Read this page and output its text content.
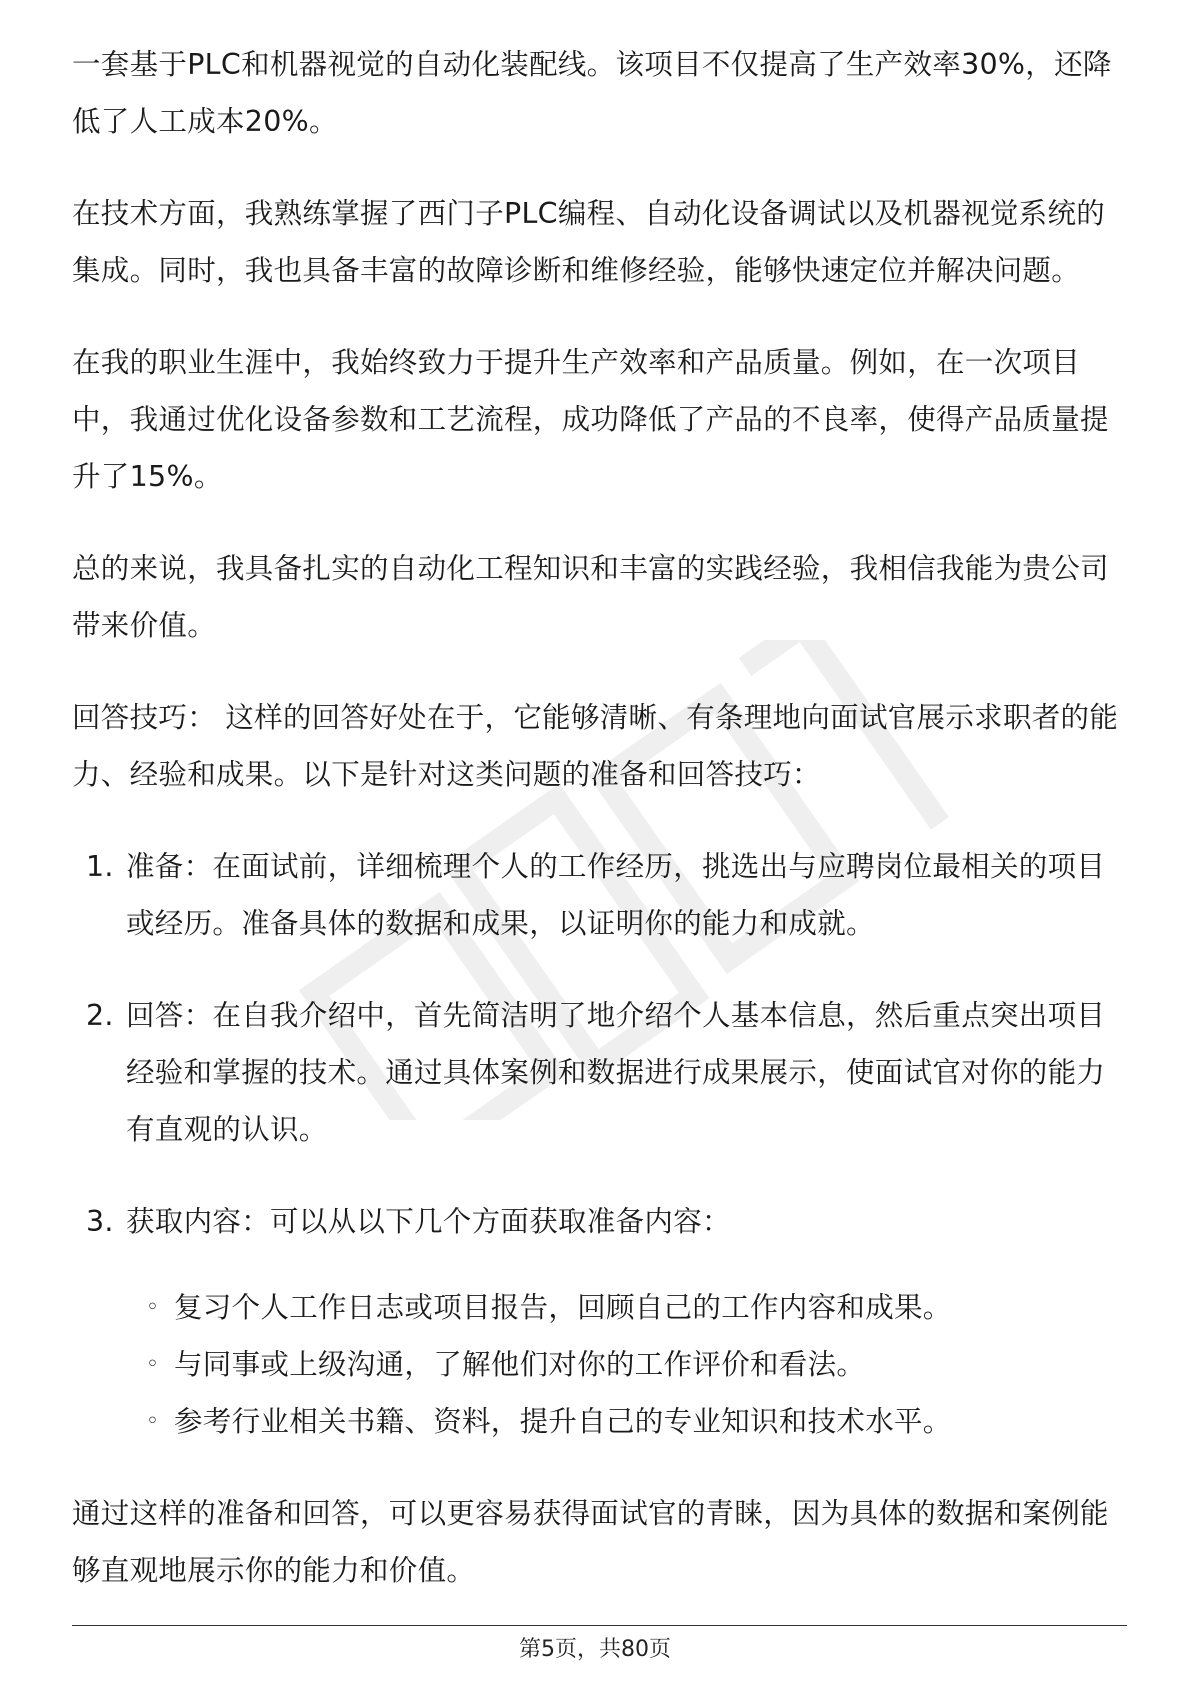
一套基于PLC和机器视觉的自动化装配线。该项目不仅提高了生产效率30%，还降低了人工成本20%。

在技术方面，我熟练掌握了西门子PLC编程、自动化设备调试以及机器视觉系统的集成。同时，我也具备丰富的故障诊断和维修经验，能够快速定位并解决问题。

在我的职业生涯中，我始终致力于提升生产效率和产品质量。例如，在一次项目中，我通过优化设备参数和工艺流程，成功降低了产品的不良率，使得产品质量提升了15%。

总的来说，我具备扎实的自动化工程知识和丰富的实践经验，我相信我能为贵公司带来价值。

回答技巧： 这样的回答好处在于，它能够清晰、有条理地向面试官展示求职者的能力、经验和成果。以下是针对这类问题的准备和回答技巧：

1. 准备：在面试前，详细梳理个人的工作经历，挑选出与应聘岗位最相关的项目或经历。准备具体的数据和成果，以证明你的能力和成就。
2. 回答：在自我介绍中，首先简洁明了地介绍个人基本信息，然后重点突出项目经验和掌握的技术。通过具体案例和数据进行成果展示，使面试官对你的能力有直观的认识。
3. 获取内容：可以从以下几个方面获取准备内容：
◦ 复习个人工作日志或项目报告，回顾自己的工作内容和成果。
◦ 与同事或上级沟通，了解他们对你的工作评价和看法。
◦ 参考行业相关书籍、资料，提升自己的专业知识和技术水平。

通过这样的准备和回答，可以更容易获得面试官的青睐，因为具体的数据和案例能够直观地展示你的能力和价值。

第5页，共80页
